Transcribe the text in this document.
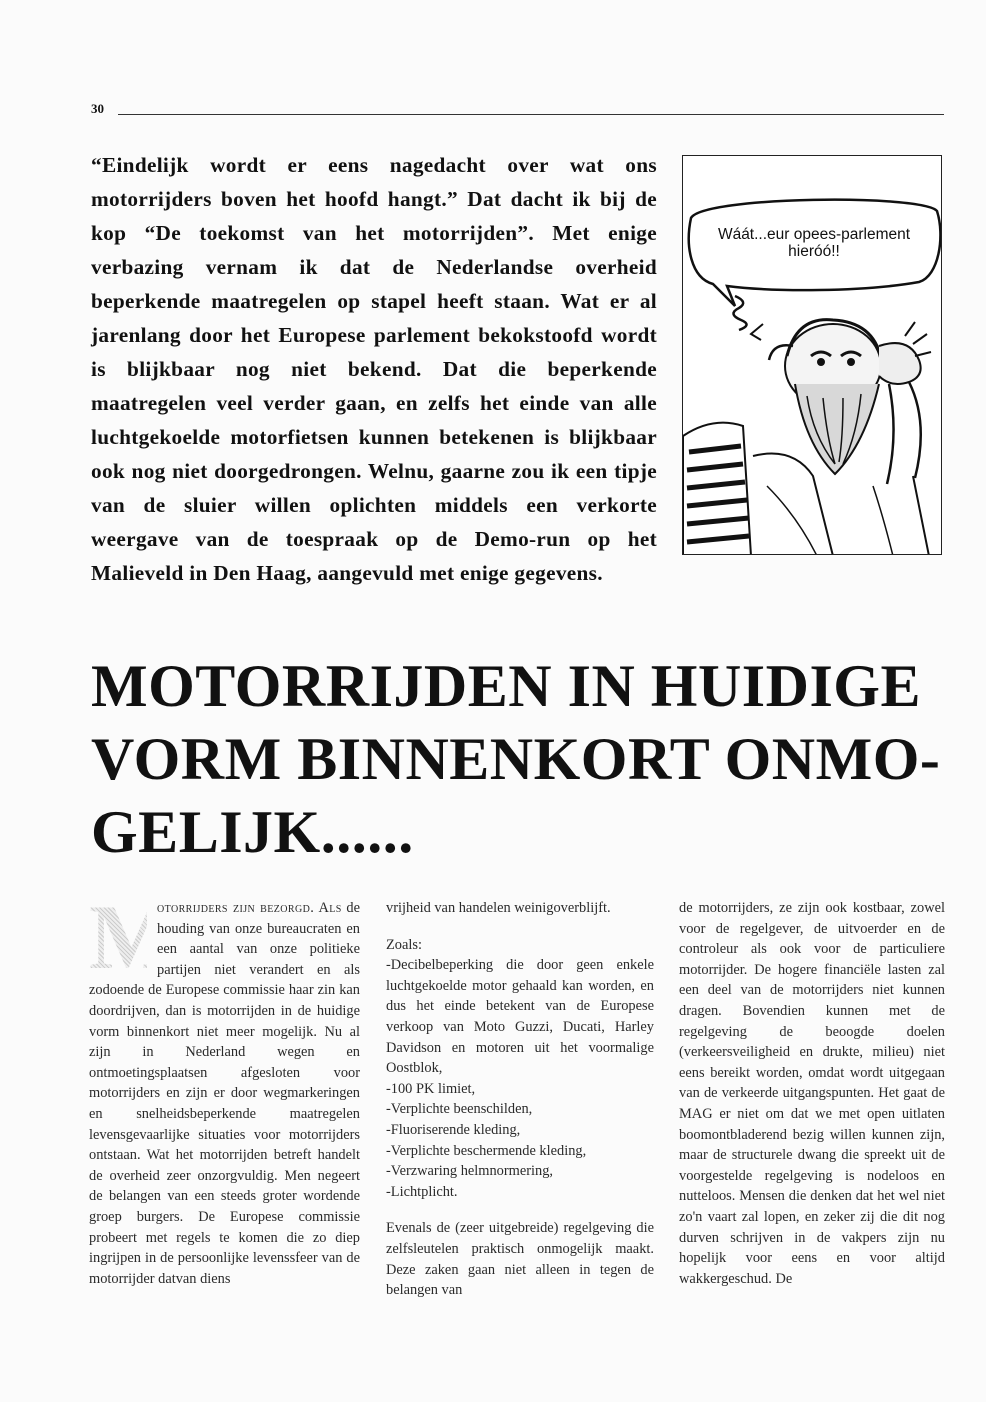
30

“Eindelijk wordt er eens nagedacht over wat ons motorrijders boven het hoofd hangt.” Dat dacht ik bij de kop “De toekomst van het motorrijden”. Met enige verbazing vernam ik dat de Nederlandse overheid beperkende maatregelen op stapel heeft staan. Wat er al jarenlang door het Europese parlement bekokstoofd wordt is blijkbaar nog niet bekend. Dat die beperkende maatregelen veel verder gaan, en zelfs het einde van alle luchtgekoelde motorfietsen kunnen betekenen is blijkbaar ook nog niet doorgedrongen. Welnu, gaarne zou ik een tipje van de sluier willen oplichten middels een verkorte weergave van de toespraak op de Demo-run op het Malieveld in Den Haag, aangevuld met enige gegevens.

Wáát...eur opees-parlement
hieróó!!
MOTORRIJDEN IN HUIDIGE
VORM BINNENKORT ONMO-
GELIJK......
M
otorrijders zijn bezorgd. Als de houding van onze bureaucraten en een aantal van onze politieke partijen niet verandert en als zodoende de Europese commissie haar zin kan doordrijven, dan is motorrijden in de huidige vorm binnenkort niet meer mogelijk. Nu al zijn in Nederland wegen en ontmoetingsplaatsen afgesloten voor motorrijders en zijn er door wegmarkeringen en snelheidsbeperkende maatregelen levensgevaarlijke situaties voor motorrijders ontstaan. Wat het motorrijden betreft handelt de overheid zeer onzorgvuldig. Men negeert de belangen van een steeds groter wordende groep burgers. De Europese commissie probeert met regels te komen die zo diep ingrijpen in de persoonlijke levenssfeer van de motorrijder datvan diens

vrijheid van handelen weinigoverblijft.

Zoals:

-Decibelbeperking die door geen enkele luchtgekoelde motor gehaald kan worden, en dus het einde betekent van de Europese verkoop van Moto Guzzi, Ducati, Harley Davidson en motoren uit het voormalige Oostblok,
-100 PK limiet,
-Verplichte beenschilden,
-Fluoriserende kleding,
-Verplichte beschermende kleding,
-Verzwaring helmnormering,
-Lichtplicht.

Evenals de (zeer uitgebreide) regelgeving die zelfsleutelen praktisch onmogelijk maakt. Deze zaken gaan niet alleen in tegen de belangen van

de motorrijders, ze zijn ook kostbaar, zowel voor de regelgever, de uitvoerder en de controleur als ook voor de particuliere motorrijder. De hogere financiële lasten zal een deel van de motorrijders niet kunnen dragen. Bovendien kunnen met de regelgeving de beoogde doelen (verkeersveiligheid en drukte, milieu) niet eens bereikt worden, omdat wordt uitgegaan van de verkeerde uitgangspunten. Het gaat de MAG er niet om dat we met open uitlaten boomontbladerend bezig willen kunnen zijn, maar de structurele dwang die spreekt uit de voorgestelde regelgeving is nodeloos en nutteloos. Mensen die denken dat het wel niet zo'n vaart zal lopen, en zeker zij die dit nog durven schrijven in de vakpers zijn nu hopelijk voor eens en voor altijd wakkergeschud. De
